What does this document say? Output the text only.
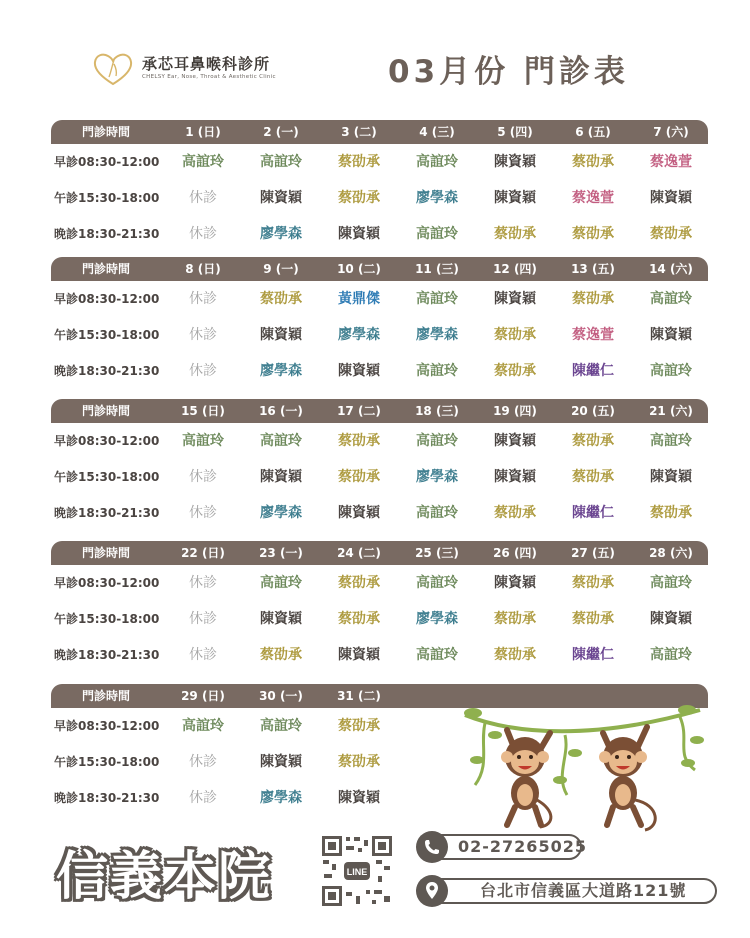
承芯耳鼻喉科診所
CHELSY Ear, Nose, Throat & Aesthetic Clinic	03月份 門診表
門診時間	1 (日)	2 (一)	3 (二)	4 (三)	5 (四)	6 (五)	7 (六)
早診08:30-12:00	高誼玲	高誼玲	蔡劭承	高誼玲	陳資穎	蔡劭承	蔡逸萱
午診15:30-18:00	休診	陳資穎	蔡劭承	廖學森	陳資穎	蔡逸萱	陳資穎
晚診18:30-21:30	休診	廖學森	陳資穎	高誼玲	蔡劭承	蔡劭承	蔡劭承
門診時間	8 (日)	9 (一)	10 (二)	11 (三)	12 (四)	13 (五)	14 (六)
早診08:30-12:00	休診	蔡劭承	黃鼎傑	高誼玲	陳資穎	蔡劭承	高誼玲
午診15:30-18:00	休診	陳資穎	廖學森	廖學森	蔡劭承	蔡逸萱	陳資穎
晚診18:30-21:30	休診	廖學森	陳資穎	高誼玲	蔡劭承	陳繼仁	高誼玲
門診時間	15 (日)	16 (一)	17 (二)	18 (三)	19 (四)	20 (五)	21 (六)
早診08:30-12:00	高誼玲	高誼玲	蔡劭承	高誼玲	陳資穎	蔡劭承	高誼玲
午診15:30-18:00	休診	陳資穎	蔡劭承	廖學森	陳資穎	蔡劭承	陳資穎
晚診18:30-21:30	休診	廖學森	陳資穎	高誼玲	蔡劭承	陳繼仁	蔡劭承
門診時間	22 (日)	23 (一)	24 (二)	25 (三)	26 (四)	27 (五)	28 (六)
早診08:30-12:00	休診	高誼玲	蔡劭承	高誼玲	陳資穎	蔡劭承	高誼玲
午診15:30-18:00	休診	陳資穎	蔡劭承	廖學森	蔡劭承	蔡劭承	陳資穎
晚診18:30-21:30	休診	蔡劭承	陳資穎	高誼玲	蔡劭承	陳繼仁	高誼玲
門診時間	29 (日)	30 (一)	31 (二)
早診08:30-12:00	高誼玲	高誼玲	蔡劭承
午診15:30-18:00	休診	陳資穎	蔡劭承
晚診18:30-21:30	休診	廖學森	陳資穎
信義本院	LINE
02-27265025
台北市信義區大道路121號
